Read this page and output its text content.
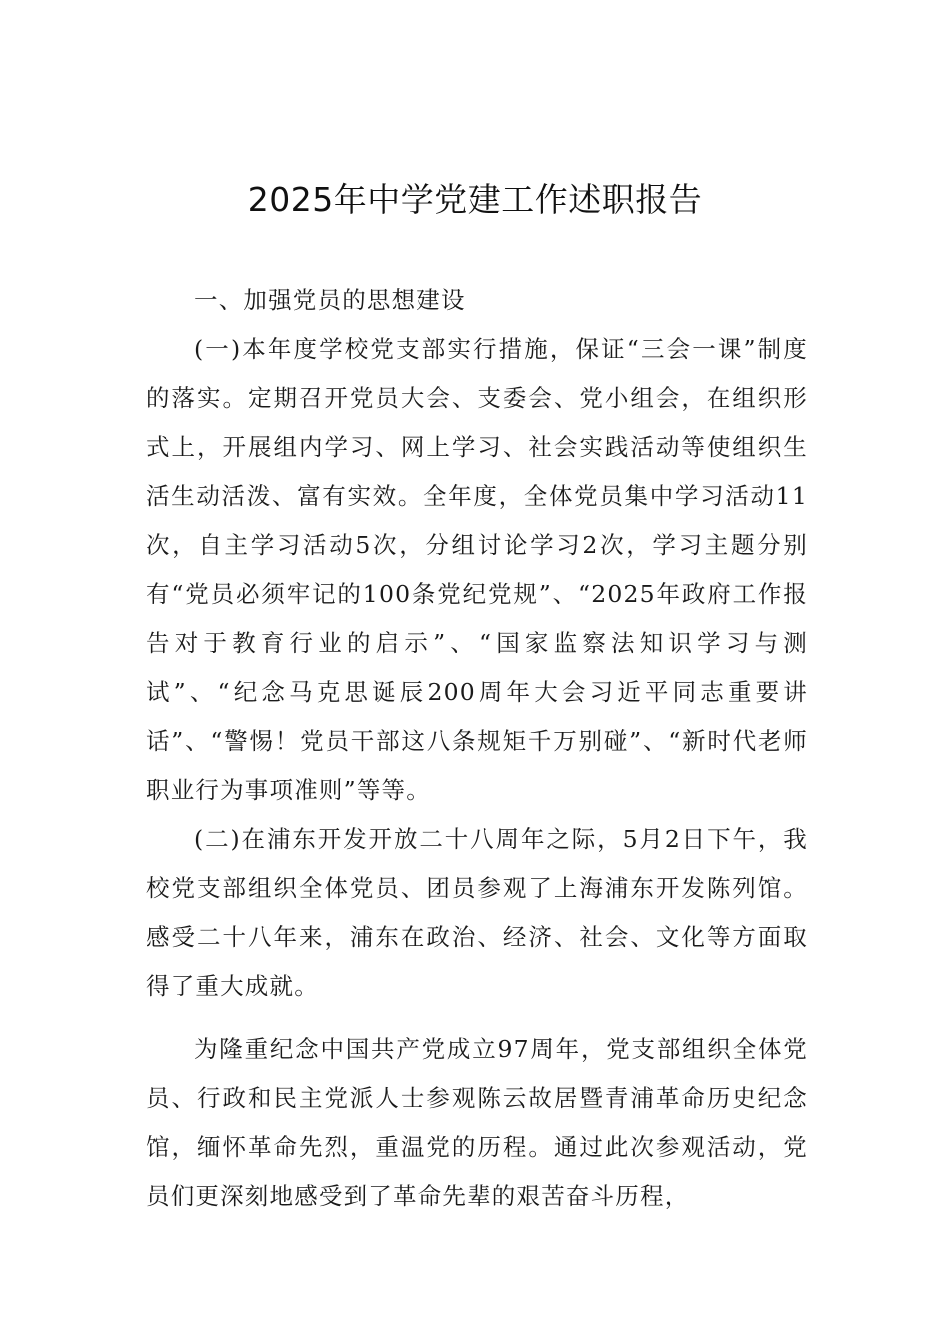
2025年中学党建工作述职报告

一、加强党员的思想建设

(一)本年度学校党支部实行措施，保证“三会一课”制度的落实。定期召开党员大会、支委会、党小组会，在组织形式上，开展组内学习、网上学习、社会实践活动等使组织生活生动活泼、富有实效。全年度，全体党员集中学习活动11次，自主学习活动5次，分组讨论学习2次，学习主题分别有“党员必须牢记的100条党纪党规”、“2025年政府工作报告对于教育行业的启示”、“国家监察法知识学习与测试”、“纪念马克思诞辰200周年大会习近平同志重要讲话”、“警惕！党员干部这八条规矩千万别碰”、“新时代老师职业行为事项准则”等等。

(二)在浦东开发开放二十八周年之际，5月2日下午，我校党支部组织全体党员、团员参观了上海浦东开发陈列馆。感受二十八年来，浦东在政治、经济、社会、文化等方面取得了重大成就。

为隆重纪念中国共产党成立97周年，党支部组织全体党员、行政和民主党派人士参观陈云故居暨青浦革命历史纪念馆，缅怀革命先烈，重温党的历程。通过此次参观活动，党员们更深刻地感受到了革命先辈的艰苦奋斗历程，
